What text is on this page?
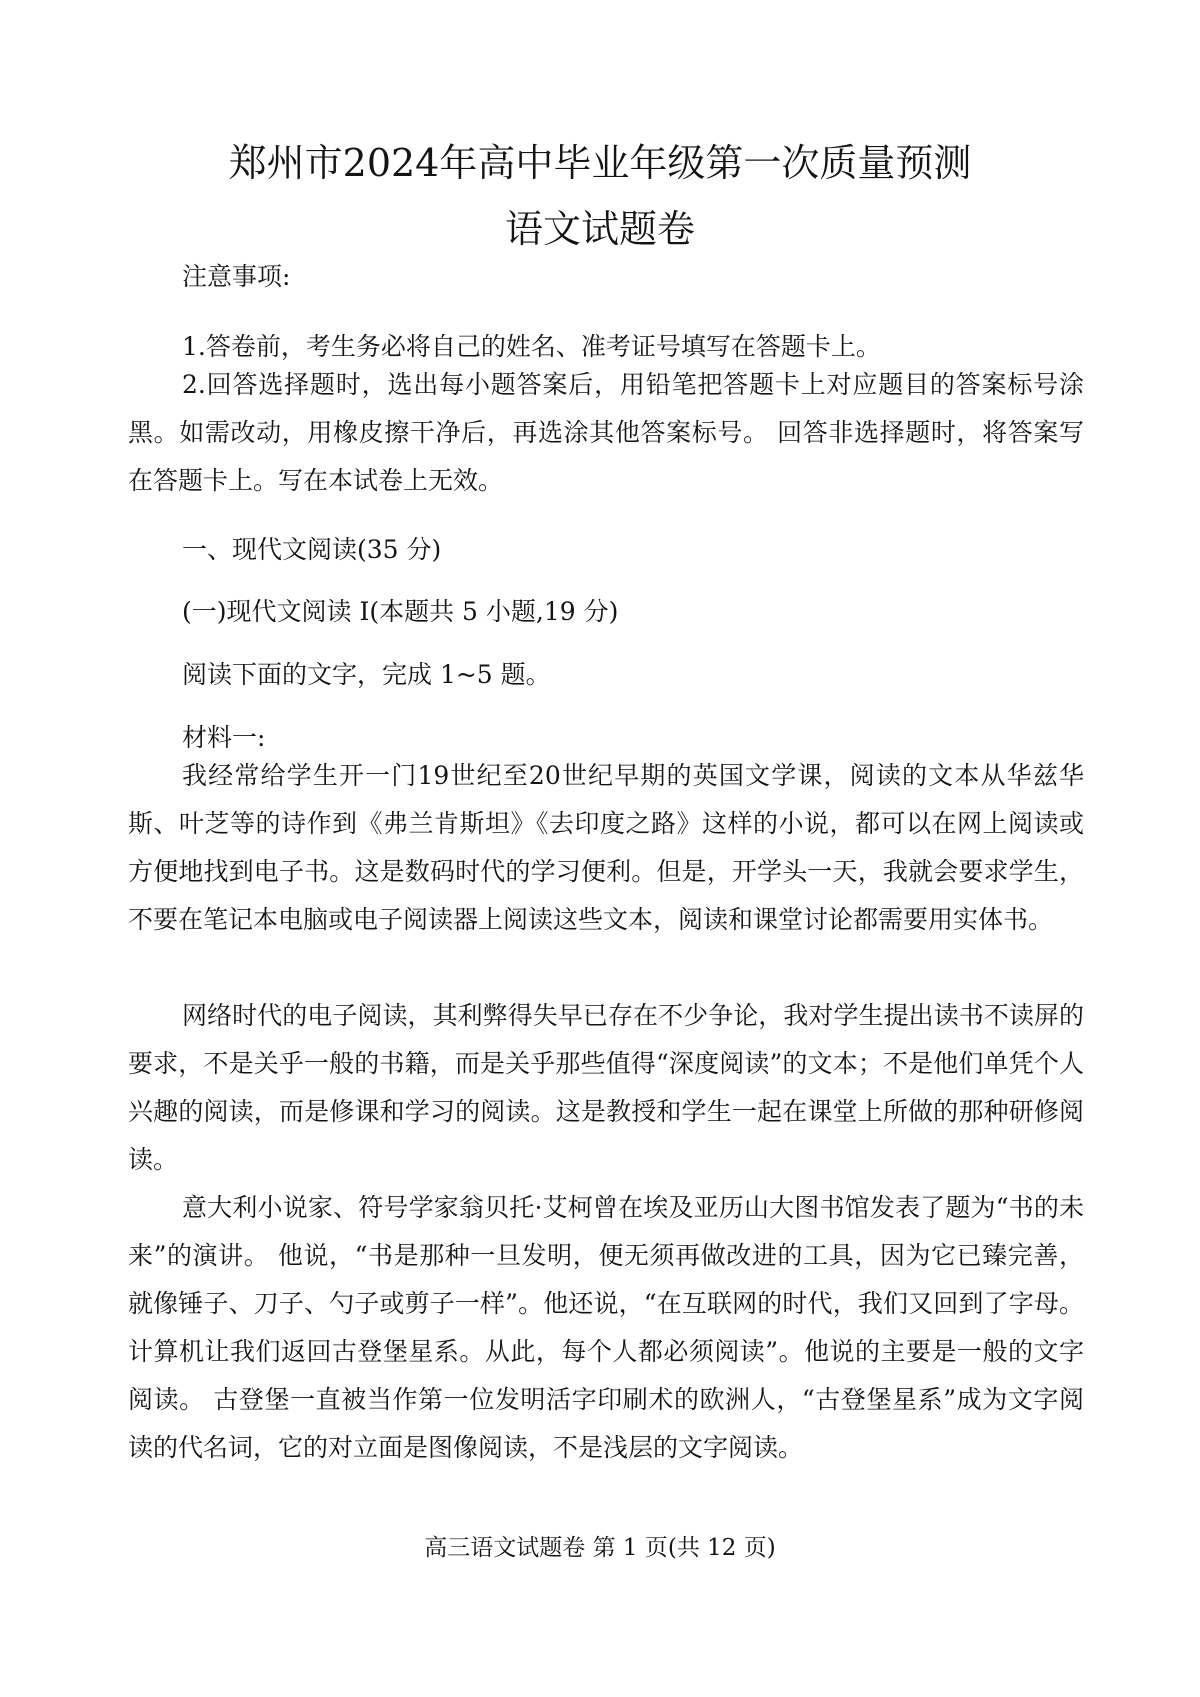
郑州市2024年高中毕业年级第一次质量预测
语文试题卷

注意事项:

1.答卷前，考生务必将自己的姓名、准考证号填写在答题卡上。

2.回答选择题时，选出每小题答案后，用铅笔把答题卡上对应题目的答案标号涂黑。如需改动，用橡皮擦干净后，再选涂其他答案标号。 回答非选择题时，将答案写在答题卡上。写在本试卷上无效。

一、现代文阅读(35 分)

(一)现代文阅读 I(本题共 5 小题,19 分)

阅读下面的文字，完成 1~5 题。

材料一:

我经常给学生开一门19世纪至20世纪早期的英国文学课，阅读的文本从华兹华斯、叶芝等的诗作到《弗兰肯斯坦》《去印度之路》这样的小说，都可以在网上阅读或方便地找到电子书。这是数码时代的学习便利。但是，开学头一天，我就会要求学生，不要在笔记本电脑或电子阅读器上阅读这些文本，阅读和课堂讨论都需要用实体书。

网络时代的电子阅读，其利弊得失早已存在不少争论，我对学生提出读书不读屏的要求，不是关乎一般的书籍，而是关乎那些值得“深度阅读”的文本；不是他们单凭个人兴趣的阅读，而是修课和学习的阅读。这是教授和学生一起在课堂上所做的那种研修阅读。

意大利小说家、符号学家翁贝托·艾柯曾在埃及亚历山大图书馆发表了题为“书的未来”的演讲。 他说，“书是那种一旦发明，便无须再做改进的工具，因为它已臻完善，就像锤子、刀子、勺子或剪子一样”。他还说，“在互联网的时代，我们又回到了字母。计算机让我们返回古登堡星系。从此，每个人都必须阅读”。他说的主要是一般的文字阅读。 古登堡一直被当作第一位发明活字印刷术的欧洲人，“古登堡星系”成为文字阅读的代名词，它的对立面是图像阅读，不是浅层的文字阅读。

高三语文试题卷 第 1 页(共 12 页)
